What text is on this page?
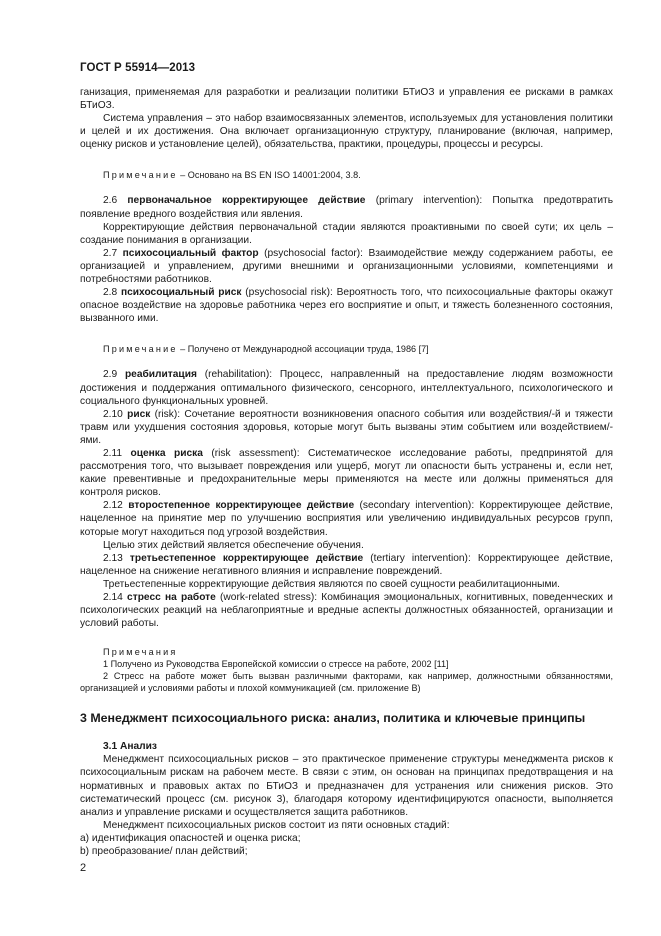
ГОСТ Р 55914—2013

ганизация, применяемая для разработки и реализации политики БТиОЗ и управления ее рисками в рамках БТиОЗ.

Система управления – это набор взаимосвязанных элементов, используемых для установления политики и целей и их достижения. Она включает организационную структуру, планирование (включая, например, оценку рисков и установление целей), обязательства, практики, процедуры, процессы и ресурсы.

Примечание – Основано на BS EN ISO 14001:2004, 3.8.

2.6 первоначальное корректирующее действие (primary intervention): Попытка предотвратить появление вредного воздействия или явления.

Корректирующие действия первоначальной стадии являются проактивными по своей сути; их цель – создание понимания в организации.

2.7 психосоциальный фактор (psychosocial factor): Взаимодействие между содержанием работы, ее организацией и управлением, другими внешними и организационными условиями, компетенциями и потребностями работников.

2.8 психосоциальный риск (psychosocial risk): Вероятность того, что психосоциальные факторы окажут опасное воздействие на здоровье работника через его восприятие и опыт, и тяжесть болезненного состояния, вызванного ими.

Примечание – Получено от Международной ассоциации труда, 1986 [7]

2.9 реабилитация (rehabilitation): Процесс, направленный на предоставление людям возможности достижения и поддержания оптимального физического, сенсорного, интеллектуального, психологического и социального функциональных уровней.

2.10 риск (risk): Сочетание вероятности возникновения опасного события или воздействия/-й и тяжести травм или ухудшения состояния здоровья, которые могут быть вызваны этим событием или воздействием/-ями.

2.11 оценка риска (risk assessment): Систематическое исследование работы, предпринятой для рассмотрения того, что вызывает повреждения или ущерб, могут ли опасности быть устранены и, если нет, какие превентивные и предохранительные меры применяются на месте или должны применяться для контроля рисков.

2.12 второстепенное корректирующее действие (secondary intervention): Корректирующее действие, нацеленное на принятие мер по улучшению восприятия или увеличению индивидуальных ресурсов групп, которые могут находиться под угрозой воздействия.

Целью этих действий является обеспечение обучения.

2.13 третьестепенное корректирующее действие (tertiary intervention): Корректирующее действие, нацеленное на снижение негативного влияния и исправление повреждений.

Третьестепенные корректирующие действия являются по своей сущности реабилитационными.

2.14 стресс на работе (work-related stress): Комбинация эмоциональных, когнитивных, поведенческих и психологических реакций на неблагоприятные и вредные аспекты должностных обязанностей, организации и условий работы.

Примечания

1 Получено из Руководства Европейской комиссии о стрессе на работе, 2002 [11]

2 Стресс на работе может быть вызван различными факторами, как например, должностными обязанностями, организацией и условиями работы и плохой коммуникацией (см. приложение В)

3 Менеджмент психосоциального риска: анализ, политика и ключевые принципы

3.1 Анализ

Менеджмент психосоциальных рисков – это практическое применение структуры менеджмента рисков к психосоциальным рискам на рабочем месте. В связи с этим, он основан на принципах предотвращения и на нормативных и правовых актах по БТиОЗ и предназначен для устранения или снижения рисков. Это систематический процесс (см. рисунок 3), благодаря которому идентифицируются опасности, выполняется анализ и управление рисками и осуществляется защита работников.

Менеджмент психосоциальных рисков состоит из пяти основных стадий:

а) идентификация опасностей и оценка риска;

b) преобразование/ план действий;

2
